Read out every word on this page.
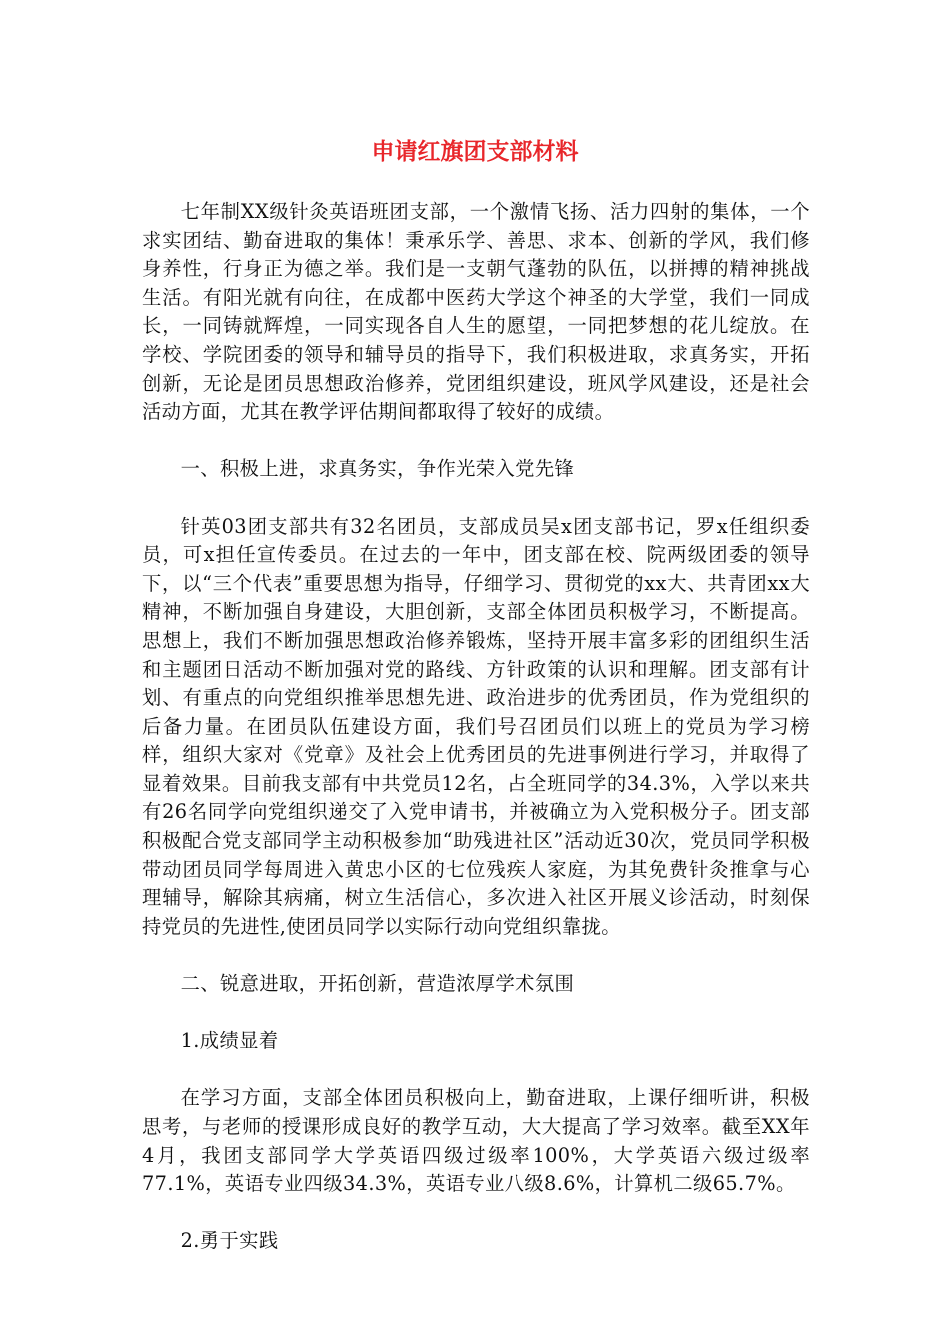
申请红旗团支部材料

七年制XX级针灸英语班团支部，一个激情飞扬、活力四射的集体，一个求实团结、勤奋进取的集体！秉承乐学、善思、求本、创新的学风，我们修身养性，行身正为德之举。我们是一支朝气蓬勃的队伍，以拼搏的精神挑战生活。有阳光就有向往，在成都中医药大学这个神圣的大学堂，我们一同成长，一同铸就辉煌，一同实现各自人生的愿望，一同把梦想的花儿绽放。在学校、学院团委的领导和辅导员的指导下，我们积极进取，求真务实，开拓创新，无论是团员思想政治修养，党团组织建设，班风学风建设，还是社会活动方面，尤其在教学评估期间都取得了较好的成绩。

一、积极上进，求真务实，争作光荣入党先锋

针英03团支部共有32名团员，支部成员吴x团支部书记，罗x任组织委员，可x担任宣传委员。在过去的一年中，团支部在校、院两级团委的领导下，以“三个代表”重要思想为指导，仔细学习、贯彻党的xx大、共青团xx大精神，不断加强自身建设，大胆创新，支部全体团员积极学习，不断提高。思想上，我们不断加强思想政治修养锻炼，坚持开展丰富多彩的团组织生活和主题团日活动不断加强对党的路线、方针政策的认识和理解。团支部有计划、有重点的向党组织推举思想先进、政治进步的优秀团员，作为党组织的后备力量。在团员队伍建设方面，我们号召团员们以班上的党员为学习榜样，组织大家对《党章》及社会上优秀团员的先进事例进行学习，并取得了显着效果。目前我支部有中共党员12名，占全班同学的34.3%，入学以来共有26名同学向党组织递交了入党申请书，并被确立为入党积极分子。团支部积极配合党支部同学主动积极参加“助残进社区”活动近30次，党员同学积极带动团员同学每周进入黄忠小区的七位残疾人家庭，为其免费针灸推拿与心理辅导，解除其病痛，树立生活信心，多次进入社区开展义诊活动，时刻保持党员的先进性,使团员同学以实际行动向党组织靠拢。

二、锐意进取，开拓创新，营造浓厚学术氛围

1.成绩显着

在学习方面，支部全体团员积极向上，勤奋进取，上课仔细听讲，积极思考，与老师的授课形成良好的教学互动，大大提高了学习效率。截至XX年4月，我团支部同学大学英语四级过级率100%，大学英语六级过级率77.1%，英语专业四级34.3%，英语专业八级8.6%，计算机二级65.7%。

2.勇于实践
